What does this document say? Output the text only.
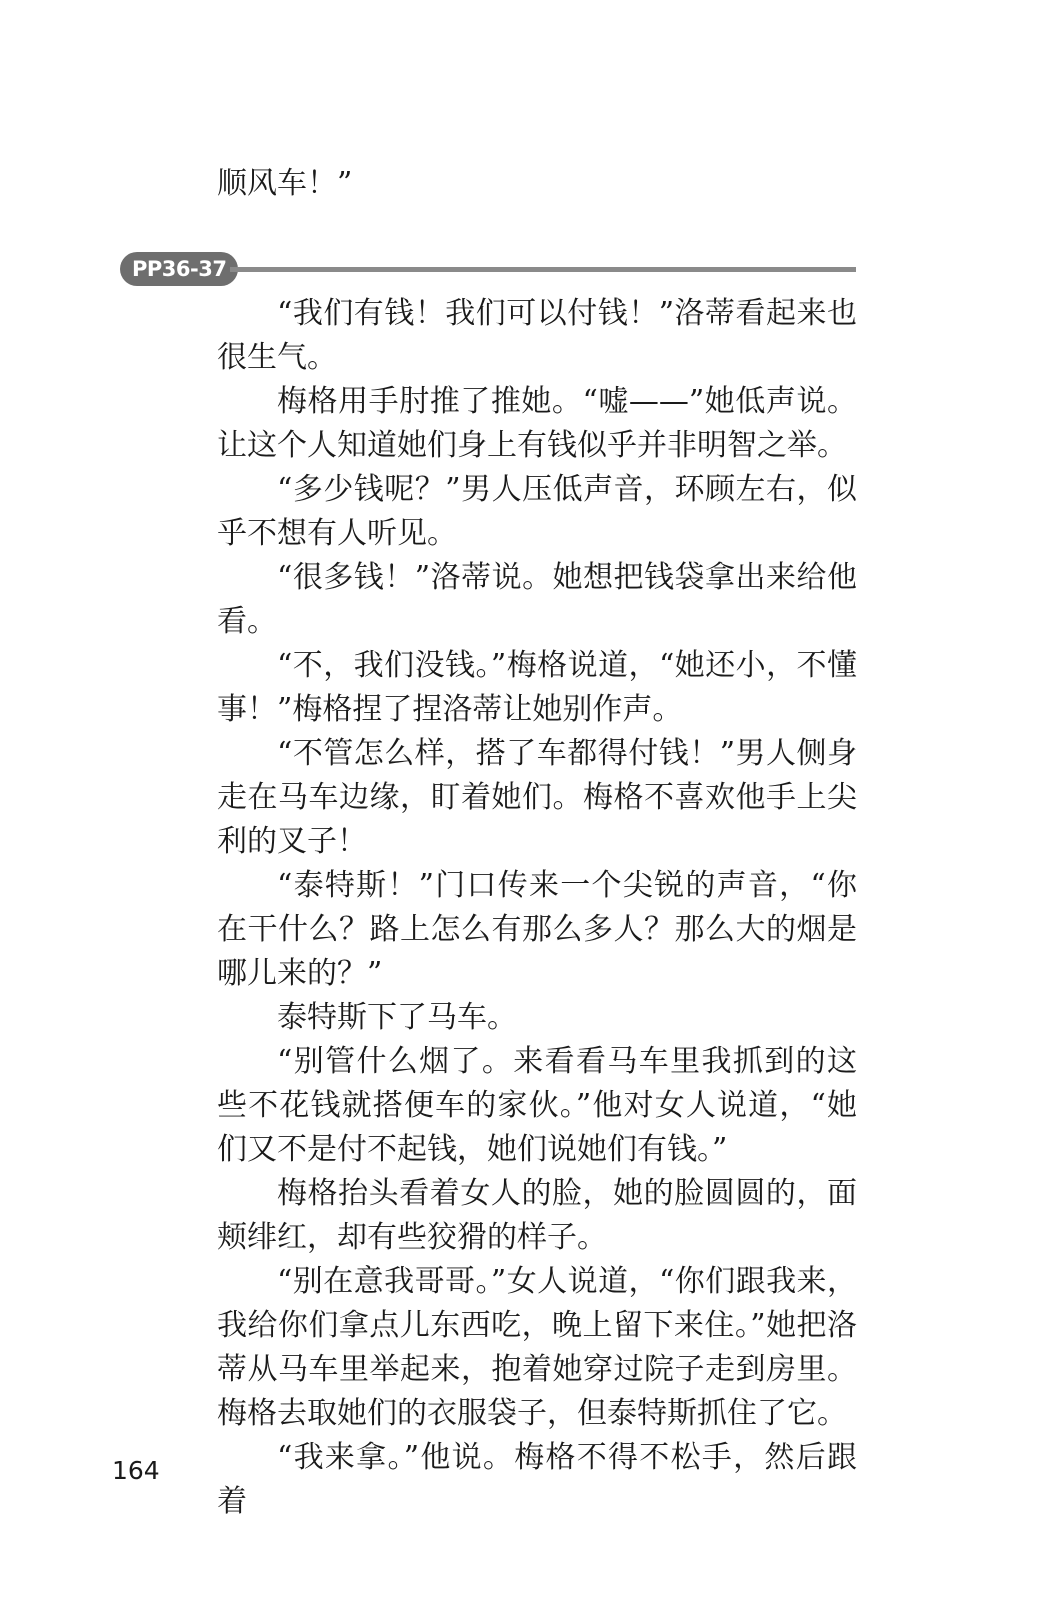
顺风车！”

PP36-37

“我们有钱！我们可以付钱！”洛蒂看起来也很生气。

梅格用手肘推了推她。“嘘——”她低声说。让这个人知道她们身上有钱似乎并非明智之举。

“多少钱呢？”男人压低声音，环顾左右，似乎不想有人听见。

“很多钱！”洛蒂说。她想把钱袋拿出来给他看。

“不，我们没钱。”梅格说道，“她还小，不懂事！”梅格捏了捏洛蒂让她别作声。

“不管怎么样，搭了车都得付钱！”男人侧身走在马车边缘，盯着她们。梅格不喜欢他手上尖利的叉子！

“泰特斯！”门口传来一个尖锐的声音，“你在干什么？路上怎么有那么多人？那么大的烟是哪儿来的？”

泰特斯下了马车。

“别管什么烟了。来看看马车里我抓到的这些不花钱就搭便车的家伙。”他对女人说道，“她们又不是付不起钱，她们说她们有钱。”

梅格抬头看着女人的脸，她的脸圆圆的，面颊绯红，却有些狡猾的样子。

“别在意我哥哥。”女人说道，“你们跟我来，我给你们拿点儿东西吃，晚上留下来住。”她把洛蒂从马车里举起来，抱着她穿过院子走到房里。梅格去取她们的衣服袋子，但泰特斯抓住了它。

“我来拿。”他说。梅格不得不松手，然后跟着

164
